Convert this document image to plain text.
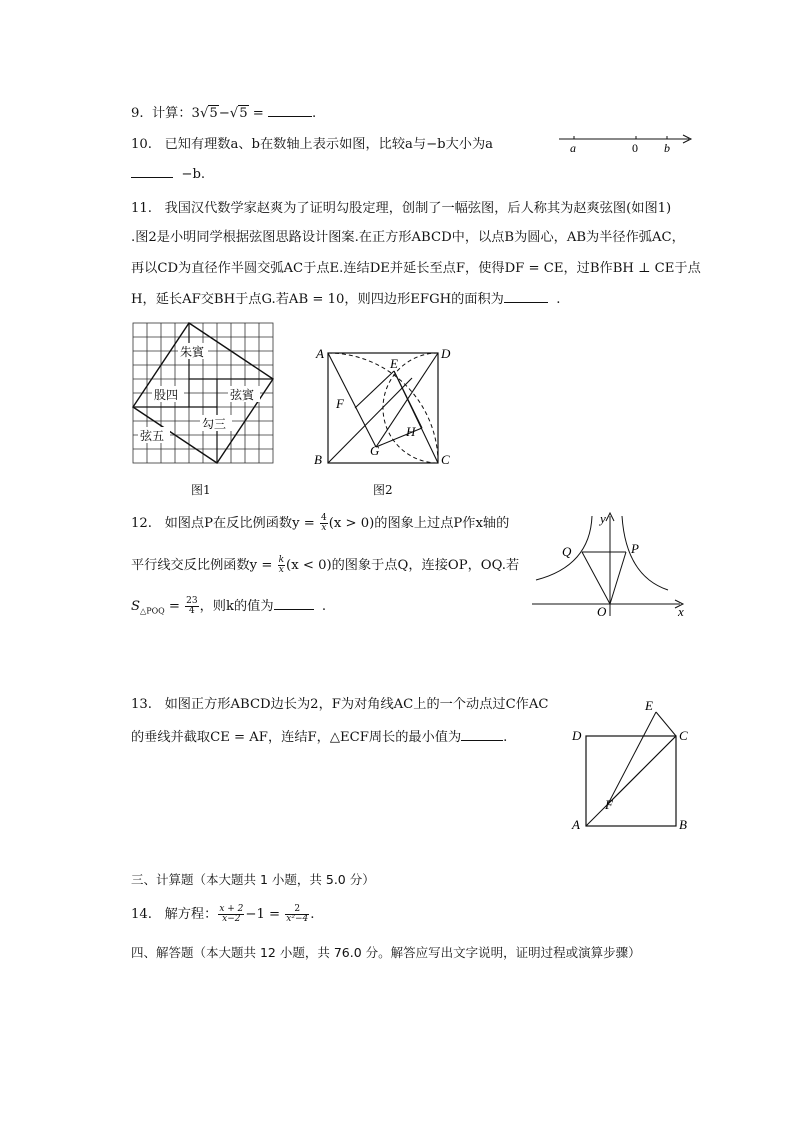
9. 计算：3√5−√5 =	.
10. 已知有理数a、b在数轴上表示如图，比较a与−b大小为a
−b.
a	0 b
11. 我国汉代数学家赵爽为了证明勾股定理，创制了一幅弦图，后人称其为赵爽弦图(如图1)
.图2是小明同学根据弦图思路设计图案.在正方形ABCD中，以点B为圆心，AB为半径作弧AC，
再以CD为直径作半圆交弧AC于点E.连结DE并延长至点F，使得DF = CE，过B作BH ⊥ CE于点
H，延长AF交BH于点G.若AB = 10，则四边形EFGH的面积为	.
朱賓
股四	弦賓
勾三
弦五
图1
A	D
E
F
H
G
B	C
图2
12. 如图点P在反比例函数$y = \frac{4}{x} (x > 0)$的图象上过点P作x轴的
平行线交反比例函数$y = \frac{k}{x} (x < 0)$的图象于点Q，连接OP，OQ.若
$S_{\triangle POQ} = \frac{23}{4}$ ，则k的值为	.
y
x
Q	P
O
13. 如图正方形ABCD边长为2，F为对角线AC上的一个动点过C作AC
的垂线并截取CE = AF，连结F，△ECF周长的最小值为	.
E
D	C
F
A	B
三、计算题（本大题共 1 小题，共 5.0 分）
14. 解方程： $\frac{x + 2}{x-2} -1 = \frac{2}{\text{x²−4}}$ .
四、解答题（本大题共 12 小题，共 76.0 分。解答应写出文字说明，证明过程或演算步骤）
